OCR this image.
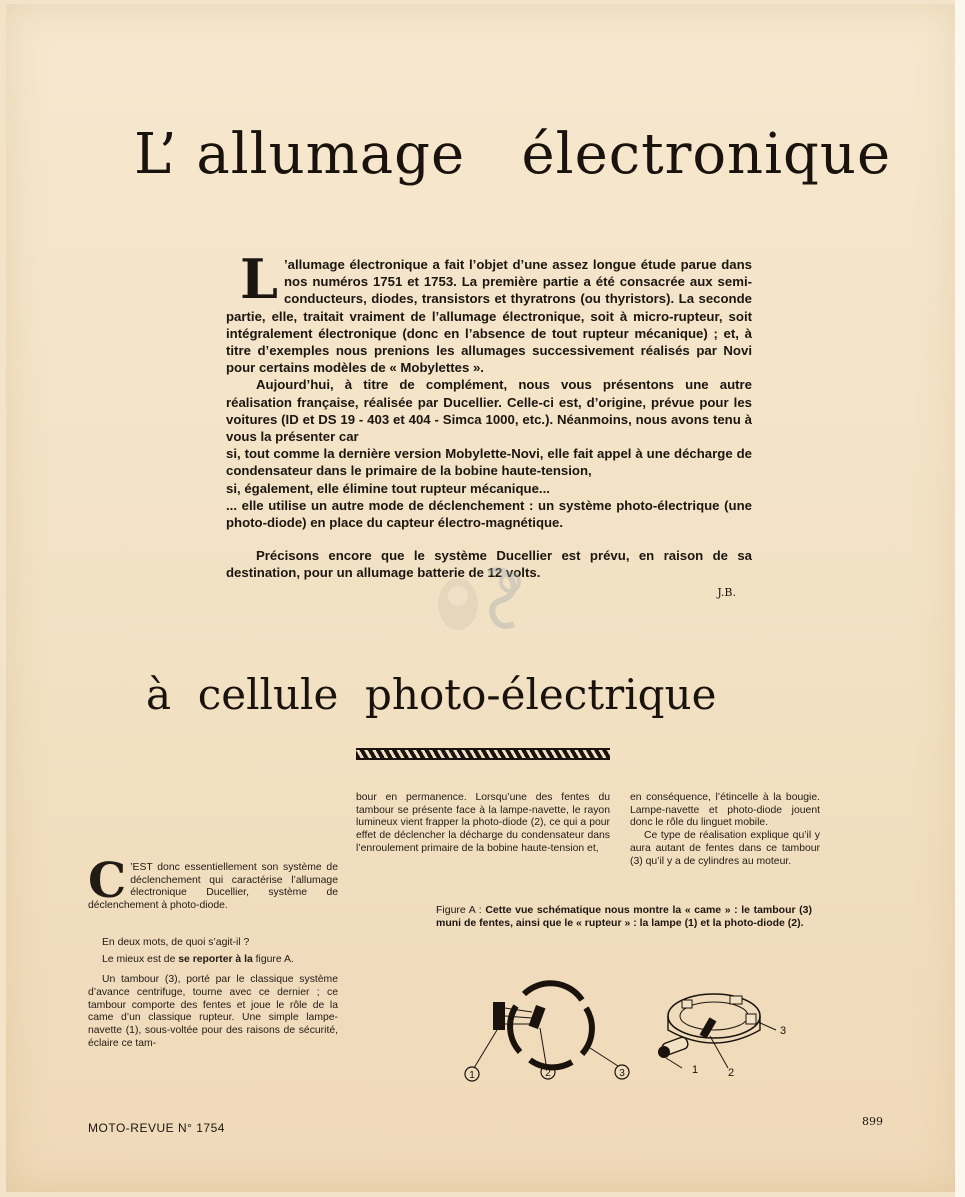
L’ allumage   électronique

L ’allumage électronique a fait l’objet d’une assez longue étude parue dans nos numéros 1751 et 1753. La première partie a été consacrée aux semi-conducteurs, diodes, transistors et thyratrons (ou thyristors). La seconde partie, elle, traitait vraiment de l’allumage électronique, soit à micro-rupteur, soit intégralement électronique (donc en l’absence de tout rupteur mécanique) ; et, à titre d’exemples nous prenions les allumages successivement réalisés par Novi pour certains modèles de « Mobylettes ».

Aujourd’hui, à titre de complément, nous vous présentons une autre réalisation française, réalisée par Ducellier. Celle-ci est, d’origine, prévue pour les voitures (ID et DS 19 - 403 et 404 - Simca 1000, etc.). Néanmoins, nous avons tenu à vous la présenter car

si, tout comme la dernière version Mobylette-Novi, elle fait appel à une décharge de condensateur dans le primaire de la bobine haute-tension,

si, également, elle élimine tout rupteur mécanique...

... elle utilise un autre mode de déclenchement : un système photo-électrique (une photo-diode) en place du capteur électro-magnétique.

Précisons encore que le système Ducellier est prévu, en raison de sa destination, pour un allumage batterie de 12 volts.

J.B.

à  cellule  photo-électrique

C ’EST donc essentiellement son système de déclenchement qui caractérise l’allumage électronique Ducellier, système de déclenchement à photo-diode.

En deux mots, de quoi s’agit-il ?

Le mieux est de se reporter à la figure A.

Un tambour (3), porté par le classique système d’avance centrifuge, tourne avec ce dernier ; ce tambour comporte des fentes et joue le rôle de la came d’un classique rupteur. Une simple lampe-navette (1), sous-voltée pour des raisons de sécurité, éclaire ce tam-

bour en permanence. Lorsqu’une des fentes du tambour se présente face à la lampe-navette, le rayon lumineux vient frapper la photo-diode (2), ce qui a pour effet de déclencher la décharge du condensateur dans l’enroulement primaire de la bobine haute-tension et,

en conséquence, l’étincelle à la bougie. Lampe-navette et photo-diode jouent donc le rôle du linguet mobile.

Ce type de réalisation explique qu’il y aura autant de fentes dans ce tambour (3) qu’il y a de cylindres au moteur.

Figure A : Cette vue schématique nous montre la « came » : le tambour (3) muni de fentes, ainsi que le « rupteur » : la lampe (1) et la photo-diode (2).
1	2	3
3
1	2
MOTO-REVUE N° 1754	899
